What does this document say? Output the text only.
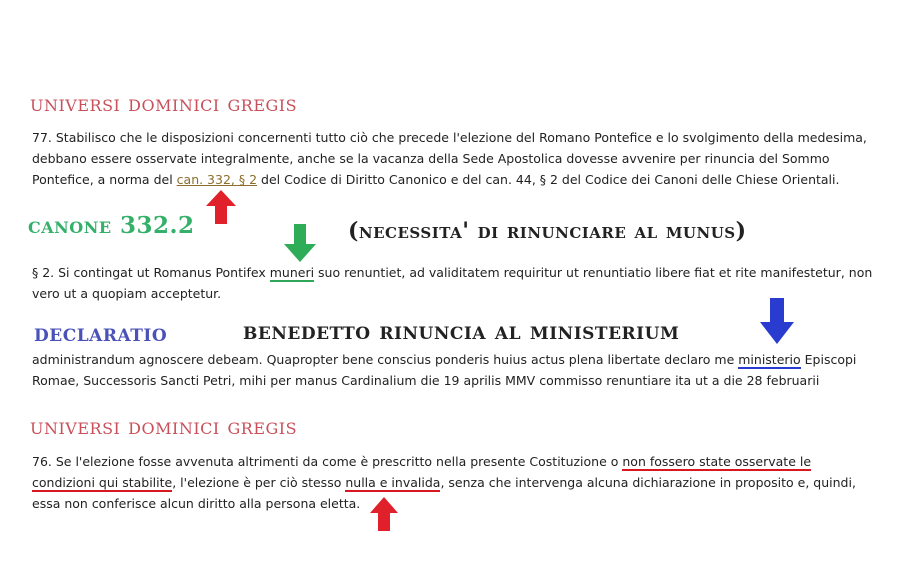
universi dominici gregis
77. Stabilisco che le disposizioni concernenti tutto ciò che precede l'elezione del Romano Pontefice e lo svolgimento della medesima,
debbano essere osservate integralmente, anche se la vacanza della Sede Apostolica dovesse avvenire per rinuncia del Sommo
Pontefice, a norma del can. 332, § 2 del Codice di Diritto Canonico e del can. 44, § 2 del Codice dei Canoni delle Chiese Orientali.
canone 332.2	(necessita' di rinunciare al munus)
§ 2. Si contingat ut Romanus Pontifex muneri suo renuntiet, ad validitatem requiritur ut renuntiatio libere fiat et rite manifestetur, non
vero ut a quopiam acceptetur.
declaratio	benedetto rinuncia al ministerium
administrandum agnoscere debeam. Quapropter bene conscius ponderis huius actus plena libertate declaro me ministerio Episcopi
Romae, Successoris Sancti Petri, mihi per manus Cardinalium die 19 aprilis MMV commisso renuntiare ita ut a die 28 februarii
universi dominici gregis
76. Se l'elezione fosse avvenuta altrimenti da come è prescritto nella presente Costituzione o non fossero state osservate le
condizioni qui stabilite, l'elezione è per ciò stesso nulla e invalida, senza che intervenga alcuna dichiarazione in proposito e, quindi,
essa non conferisce alcun diritto alla persona eletta.
